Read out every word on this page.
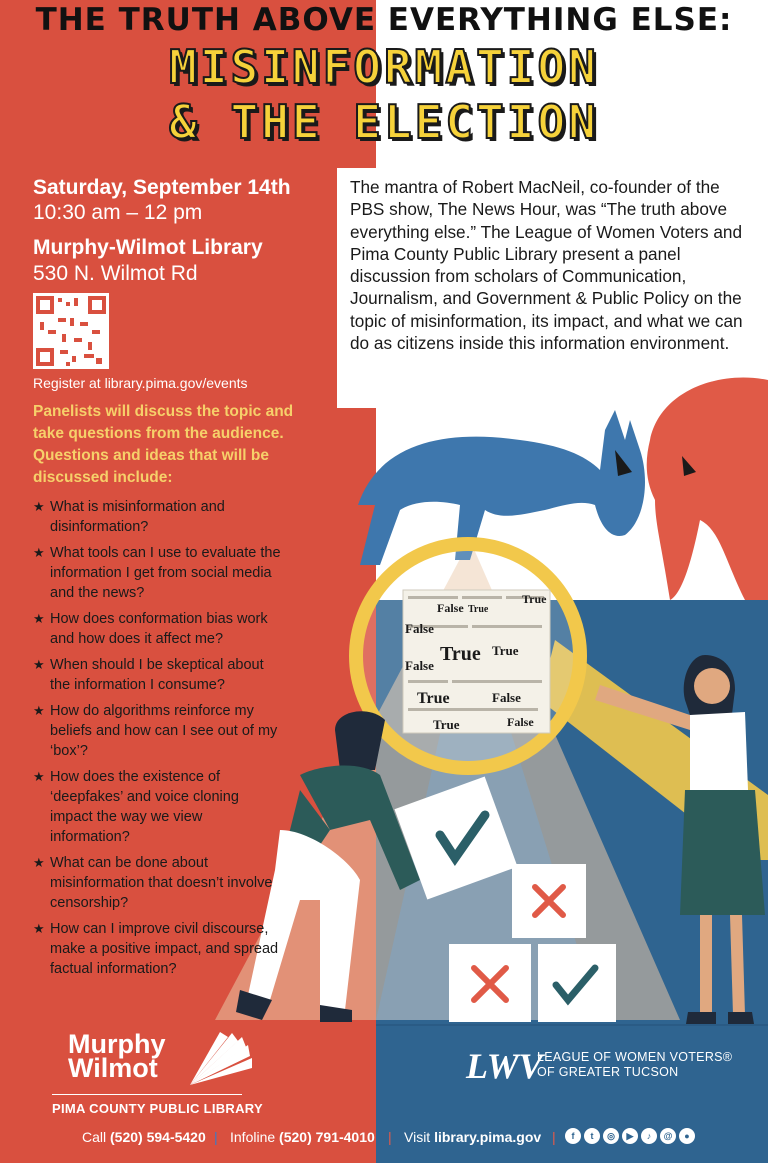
False
True
False
True True
False
True	False
True	False
True
THE TRUTH ABOVE EVERYTHING ELSE:
MISINFORMATION
& THE ELECTION
Saturday, September 14th
10:30 am – 12 pm
Murphy-Wilmot Library
530 N. Wilmot Rd
Register at library.pima.gov/events
Panelists will discuss the topic and take questions from the audience. Questions and ideas that will be discussed include:
★ What is misinformation and disinformation?
★ What tools can I use to evaluate the information I get from social media and the news?
★ How does conformation bias work and how does it affect me?
★ When should I be skeptical about the information I consume?
★ How do algorithms reinforce my beliefs and how can I see out of my ‘box’?
★ How does the existence of ‘deepfakes’ and voice cloning impact the way we view information?
★ What can be done about misinformation that doesn’t involve censorship?
★ How can I improve civil discourse, make a positive impact, and spread factual information?
The mantra of Robert MacNeil, co-founder of the PBS show, The News Hour, was “The truth above everything else.” The League of Women Voters and Pima County Public Library present a panel discussion from scholars of Communication, Journalism, and Government & Public Policy on the topic of misinformation, its impact, and what we can do as citizens inside this information environment.
Murphy
Wilmot
PIMA COUNTY PUBLIC LIBRARY
LWV
LEAGUE OF WOMEN VOTERS®
OF GREATER TUCSON
Call (520) 594-5420 | Infoline (520) 791-4010 | Visit library.pima.gov |	f	t	◎	▶	♪	@	●
